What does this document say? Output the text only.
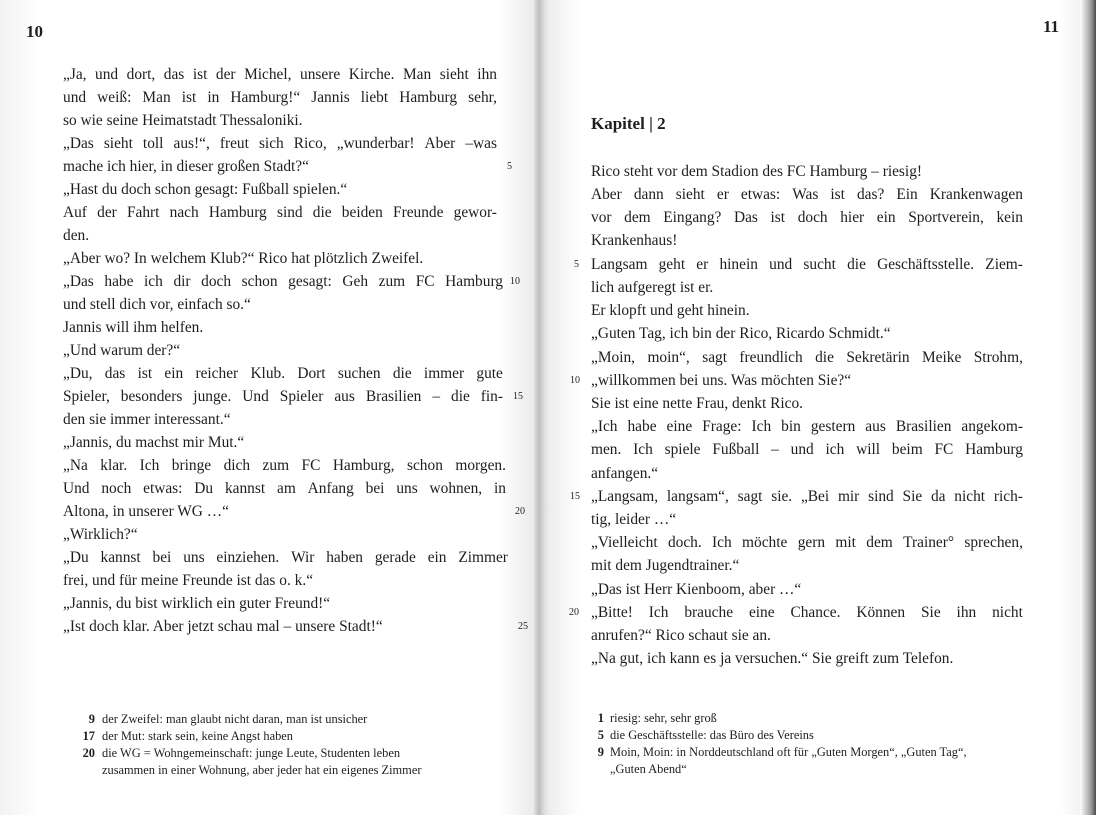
10
„Ja, und dort, das ist der Michel, unsere Kirche. Man sieht ihn
und weiß: Man ist in Hamburg!“ Jannis liebt Hamburg sehr,
so wie seine Heimatstadt Thessaloniki.
„Das sieht toll aus!“, freut sich Rico, „wunderbar! Aber –was
mache ich hier, in dieser großen Stadt?“
„Hast du doch schon gesagt: Fußball spielen.“
Auf der Fahrt nach Hamburg sind die beiden Freunde gewor-
den.
„Aber wo? In welchem Klub?“ Rico hat plötzlich Zweifel.
„Das habe ich dir doch schon gesagt: Geh zum FC Hamburg
und stell dich vor, einfach so.“
Jannis will ihm helfen.
„Und warum der?“
„Du, das ist ein reicher Klub. Dort suchen die immer gute
Spieler, besonders junge. Und Spieler aus Brasilien – die fin-
den sie immer interessant.“
„Jannis, du machst mir Mut.“
„Na klar. Ich bringe dich zum FC Hamburg, schon morgen.
Und noch etwas: Du kannst am Anfang bei uns wohnen, in
Altona, in unserer WG …“
„Wirklich?“
„Du kannst bei uns einziehen. Wir haben gerade ein Zimmer
frei, und für meine Freunde ist das o. k.“
„Jannis, du bist wirklich ein guter Freund!“
„Ist doch klar. Aber jetzt schau mal – unsere Stadt!“
5
10
15
20
25
9 der Zweifel: man glaubt nicht daran, man ist unsicher
17 der Mut: stark sein, keine Angst haben
20 die WG = Wohngemeinschaft: junge Leute, Studenten leben
zusammen in einer Wohnung, aber jeder hat ein eigenes Zimmer
11
Kapitel | 2
Rico steht vor dem Stadion des FC Hamburg – riesig!
Aber dann sieht er etwas: Was ist das? Ein Krankenwagen
vor dem Eingang? Das ist doch hier ein Sportverein, kein
Krankenhaus!
Langsam geht er hinein und sucht die Geschäftsstelle. Ziem-
lich aufgeregt ist er.
Er klopft und geht hinein.
„Guten Tag, ich bin der Rico, Ricardo Schmidt.“
„Moin, moin“, sagt freundlich die Sekretärin Meike Strohm,
„willkommen bei uns. Was möchten Sie?“
Sie ist eine nette Frau, denkt Rico.
„Ich habe eine Frage: Ich bin gestern aus Brasilien angekom-
men. Ich spiele Fußball – und ich will beim FC Hamburg
anfangen.“
„Langsam, langsam“, sagt sie. „Bei mir sind Sie da nicht rich-
tig, leider …“
„Vielleicht doch. Ich möchte gern mit dem Trainer° sprechen,
mit dem Jugendtrainer.“
„Das ist Herr Kienboom, aber …“
„Bitte! Ich brauche eine Chance. Können Sie ihn nicht
anrufen?“ Rico schaut sie an.
„Na gut, ich kann es ja versuchen.“ Sie greift zum Telefon.
5
10
15
20
1 riesig: sehr, sehr groß
5 die Geschäftsstelle: das Büro des Vereins
9 Moin, Moin: in Norddeutschland oft für „Guten Morgen“, „Guten Tag“,
„Guten Abend“
